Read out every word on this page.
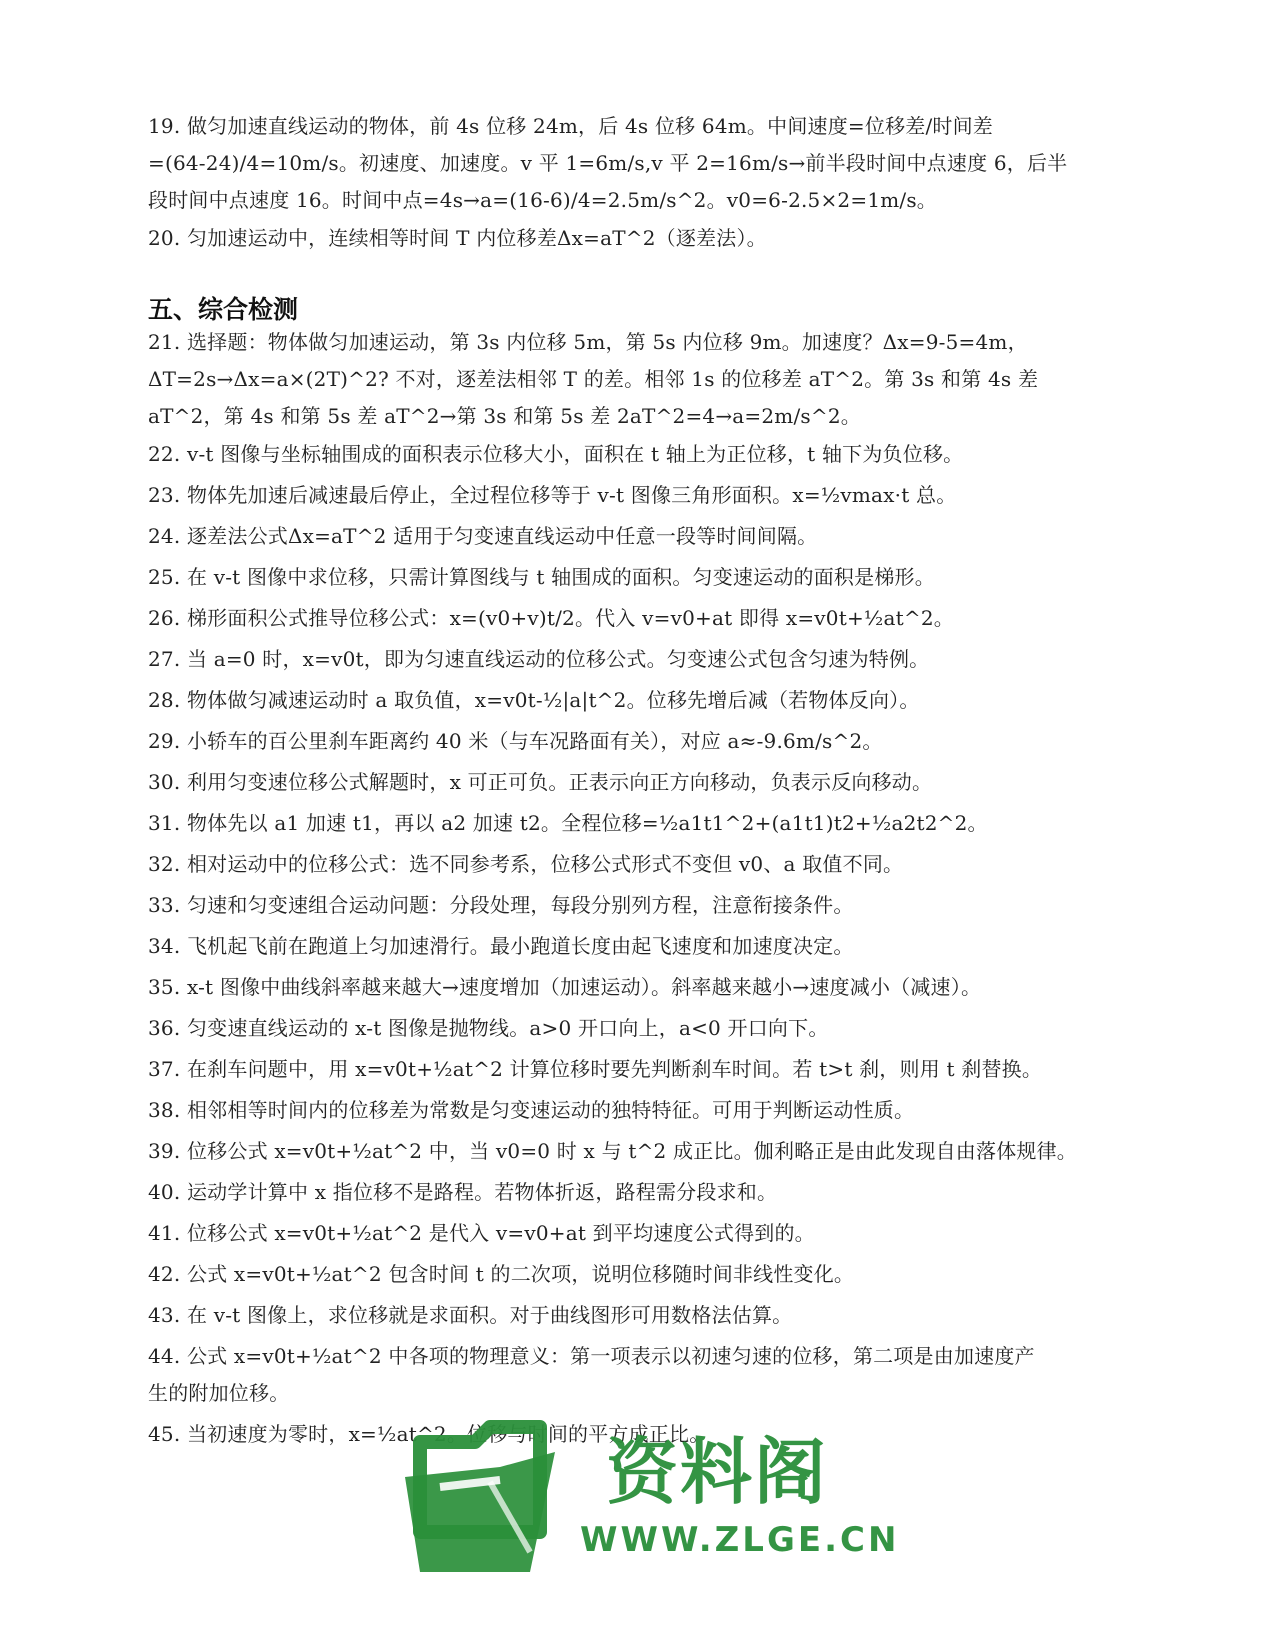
19. 做匀加速直线运动的物体，前 4s 位移 24m，后 4s 位移 64m。中间速度=位移差/时间差
=(64-24)/4=10m/s。初速度、加速度。v 平 1=6m/s,v 平 2=16m/s→前半段时间中点速度 6，后半
段时间中点速度 16。时间中点=4s→a=(16-6)/4=2.5m/s^2。v0=6-2.5×2=1m/s。
20. 匀加速运动中，连续相等时间 T 内位移差Δx=aT^2（逐差法）。
五、综合检测
21. 选择题：物体做匀加速运动，第 3s 内位移 5m，第 5s 内位移 9m。加速度？Δx=9-5=4m，
ΔT=2s→Δx=a×(2T)^2? 不对，逐差法相邻 T 的差。相邻 1s 的位移差 aT^2。第 3s 和第 4s 差
aT^2，第 4s 和第 5s 差 aT^2→第 3s 和第 5s 差 2aT^2=4→a=2m/s^2。
22. v-t 图像与坐标轴围成的面积表示位移大小，面积在 t 轴上为正位移，t 轴下为负位移。
23. 物体先加速后减速最后停止，全过程位移等于 v-t 图像三角形面积。x=½vmax·t 总。
24. 逐差法公式Δx=aT^2 适用于匀变速直线运动中任意一段等时间间隔。
25. 在 v-t 图像中求位移，只需计算图线与 t 轴围成的面积。匀变速运动的面积是梯形。
26. 梯形面积公式推导位移公式：x=(v0+v)t/2。代入 v=v0+at 即得 x=v0t+½at^2。
27. 当 a=0 时，x=v0t，即为匀速直线运动的位移公式。匀变速公式包含匀速为特例。
28. 物体做匀减速运动时 a 取负值，x=v0t-½|a|t^2。位移先增后减（若物体反向）。
29. 小轿车的百公里刹车距离约 40 米（与车况路面有关），对应 a≈-9.6m/s^2。
30. 利用匀变速位移公式解题时，x 可正可负。正表示向正方向移动，负表示反向移动。
31. 物体先以 a1 加速 t1，再以 a2 加速 t2。全程位移=½a1t1^2+(a1t1)t2+½a2t2^2。
32. 相对运动中的位移公式：选不同参考系，位移公式形式不变但 v0、a 取值不同。
33. 匀速和匀变速组合运动问题：分段处理，每段分别列方程，注意衔接条件。
34. 飞机起飞前在跑道上匀加速滑行。最小跑道长度由起飞速度和加速度决定。
35. x-t 图像中曲线斜率越来越大→速度增加（加速运动）。斜率越来越小→速度减小（减速）。
36. 匀变速直线运动的 x-t 图像是抛物线。a>0 开口向上，a<0 开口向下。
37. 在刹车问题中，用 x=v0t+½at^2 计算位移时要先判断刹车时间。若 t>t 刹，则用 t 刹替换。
38. 相邻相等时间内的位移差为常数是匀变速运动的独特特征。可用于判断运动性质。
39. 位移公式 x=v0t+½at^2 中，当 v0=0 时 x 与 t^2 成正比。伽利略正是由此发现自由落体规律。
40. 运动学计算中 x 指位移不是路程。若物体折返，路程需分段求和。
41. 位移公式 x=v0t+½at^2 是代入 v=v0+at 到平均速度公式得到的。
42. 公式 x=v0t+½at^2 包含时间 t 的二次项，说明位移随时间非线性变化。
43. 在 v-t 图像上，求位移就是求面积。对于曲线图形可用数格法估算。
44. 公式 x=v0t+½at^2 中各项的物理意义：第一项表示以初速匀速的位移，第二项是由加速度产
生的附加位移。
45. 当初速度为零时，x=½at^2。位移与时间的平方成正比。
资料阁
WWW.ZLGE.CN
